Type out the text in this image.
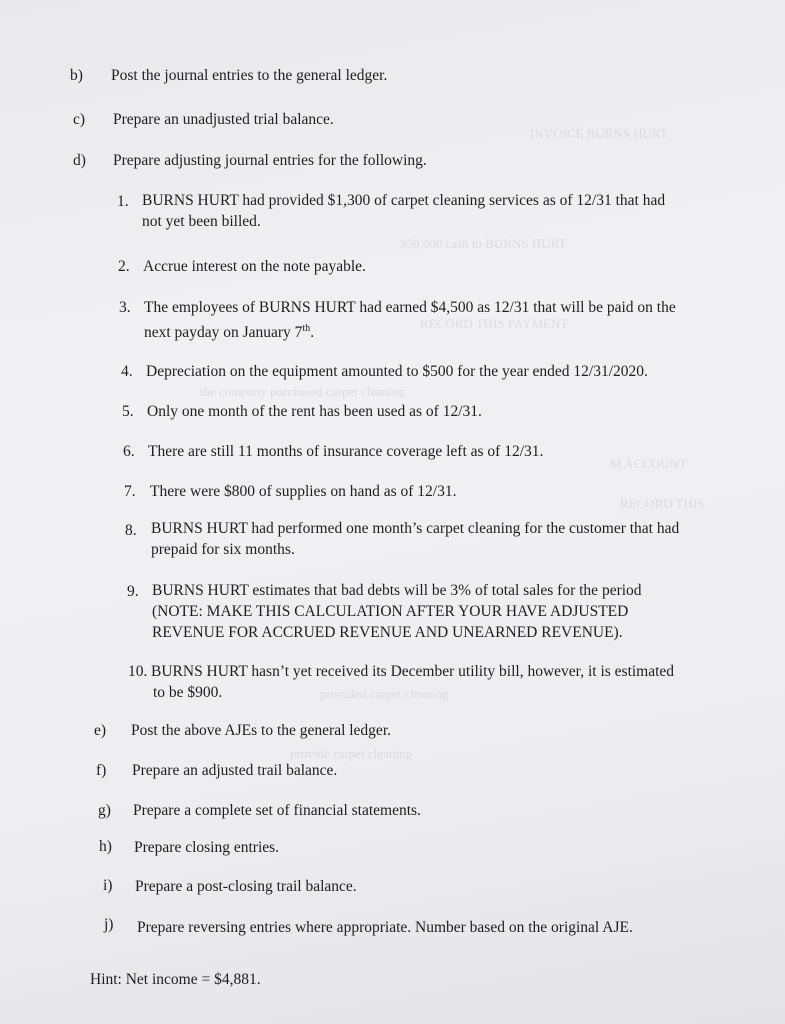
INVOICE BURNS HURT
$50,000 cash to BURNS HURT
RECORD THIS PAYMENT
the company purchased carpet cleaning
M ACCOUNT
RECORD THIS
provided carpet cleaning
provide carpet cleaning
b) Post the journal entries to the general ledger.
c) Prepare an unadjusted trial balance.
d) Prepare adjusting journal entries for the following.
1. BURNS HURT had provided $1,300 of carpet cleaning services as of 12/31 that had
not yet been billed.
2. Accrue interest on the note payable.
3. The employees of BURNS HURT had earned $4,500 as 12/31 that will be paid on the
next payday on January 7th.
4. Depreciation on the equipment amounted to $500 for the year ended 12/31/2020.
5. Only one month of the rent has been used as of 12/31.
6. There are still 11 months of insurance coverage left as of 12/31.
7. There were $800 of supplies on hand as of 12/31.
8. BURNS HURT had performed one month’s carpet cleaning for the customer that had
prepaid for six months.
9. BURNS HURT estimates that bad debts will be 3% of total sales for the period
(NOTE: MAKE THIS CALCULATION AFTER YOUR HAVE ADJUSTED
REVENUE FOR ACCRUED REVENUE AND UNEARNED REVENUE).
10. BURNS HURT hasn’t yet received its December utility bill, however, it is estimated
to be $900.
e) Post the above AJEs to the general ledger.
f) Prepare an adjusted trail balance.
g) Prepare a complete set of financial statements.
h) Prepare closing entries.
i) Prepare a post-closing trail balance.
j) Prepare reversing entries where appropriate. Number based on the original AJE.
Hint: Net income = $4,881.
